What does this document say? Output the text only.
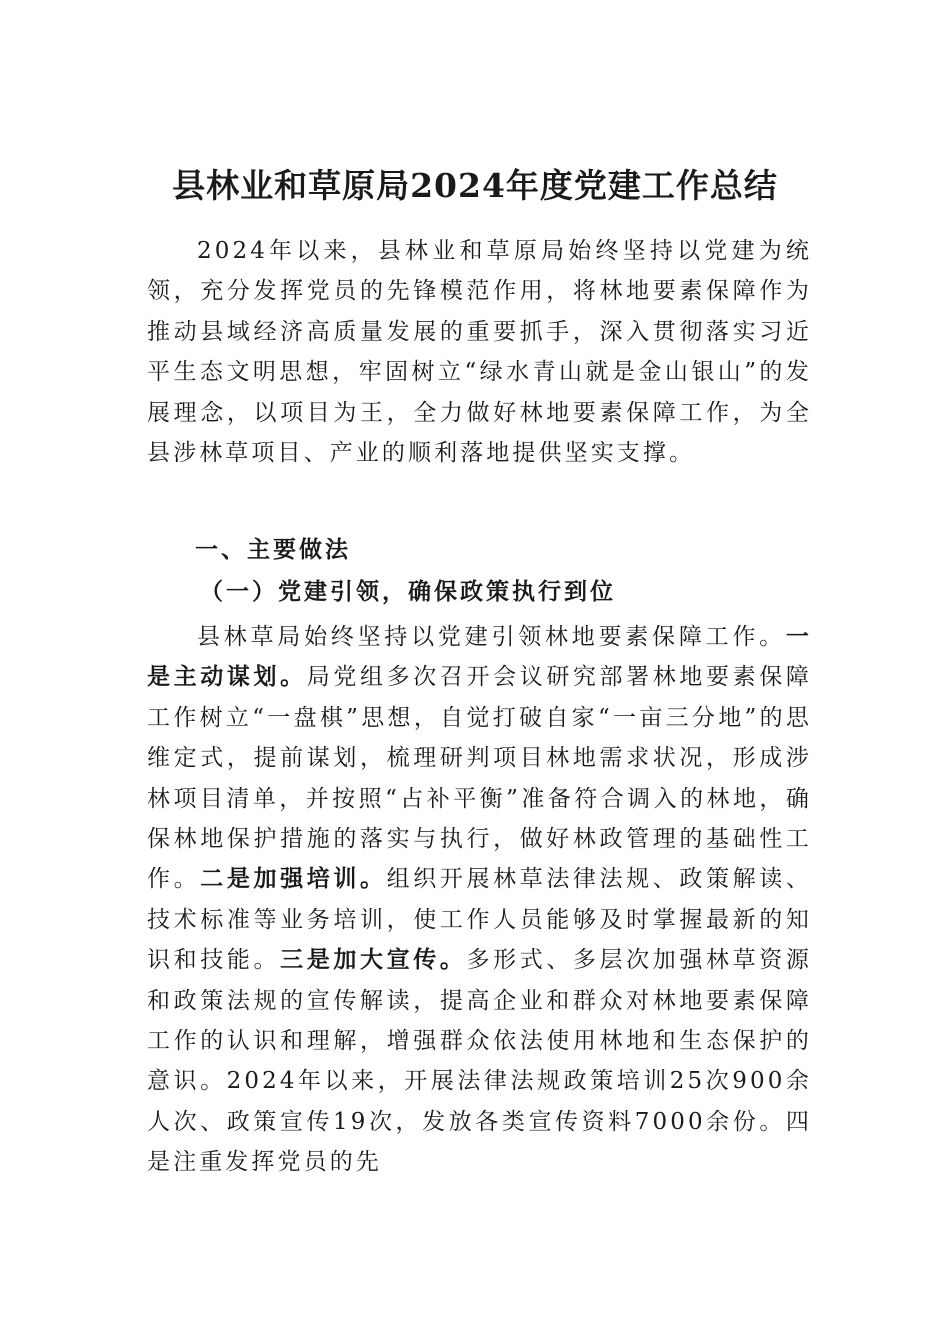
县林业和草原局2024年度党建工作总结

2024年以来，县林业和草原局始终坚持以党建为统领，充分发挥党员的先锋模范作用，将林地要素保障作为推动县域经济高质量发展的重要抓手，深入贯彻落实习近平生态文明思想，牢固树立“绿水青山就是金山银山”的发展理念，以项目为王，全力做好林地要素保障工作，为全县涉林草项目、产业的顺利落地提供坚实支撑。

一、主要做法
（一）党建引领，确保政策执行到位

县林草局始终坚持以党建引领林地要素保障工作。一是主动谋划。局党组多次召开会议研究部署林地要素保障工作树立“一盘棋”思想，自觉打破自家“一亩三分地”的思维定式，提前谋划，梳理研判项目林地需求状况，形成涉林项目清单，并按照“占补平衡”准备符合调入的林地，确保林地保护措施的落实与执行，做好林政管理的基础性工作。二是加强培训。组织开展林草法律法规、政策解读、技术标准等业务培训，使工作人员能够及时掌握最新的知识和技能。三是加大宣传。多形式、多层次加强林草资源和政策法规的宣传解读，提高企业和群众对林地要素保障工作的认识和理解，增强群众依法使用林地和生态保护的意识。2024年以来，开展法律法规政策培训25次900余人次、政策宣传19次，发放各类宣传资料7000余份。四是注重发挥党员的先
